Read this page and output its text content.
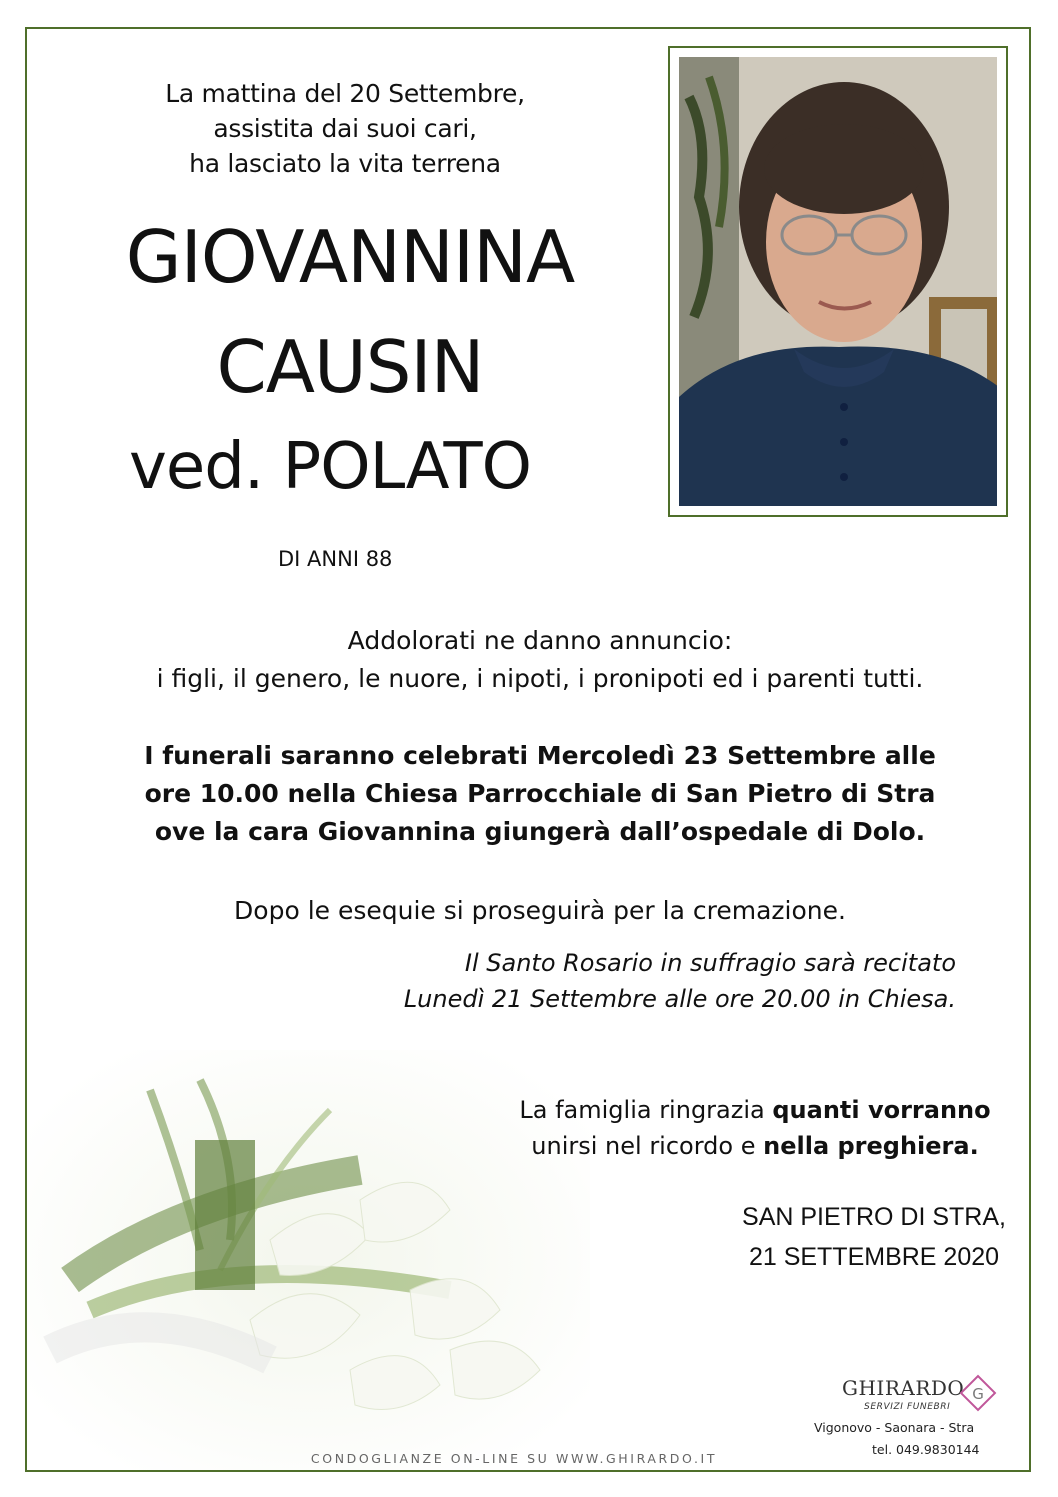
La mattina del 20 Settembre,
assistita dai suoi cari,
ha lasciato la vita terrena
GIOVANNINA
CAUSIN
ved. POLATO
DI ANNI 88
Addolorati ne danno annuncio:
i figli, il genero, le nuore, i nipoti, i pronipoti ed i parenti tutti.
I funerali saranno celebrati Mercoledì 23 Settembre alle
ore 10.00 nella Chiesa Parrocchiale di San Pietro di Stra
ove la cara Giovannina giungerà dall’ospedale di Dolo.
Dopo le esequie si proseguirà per la cremazione.
Il Santo Rosario in suffragio sarà recitato
Lunedì 21 Settembre alle ore 20.00 in Chiesa.
La famiglia ringrazia quanti vorranno
unirsi nel ricordo e nella preghiera.
SAN PIETRO DI STRA,
21 SETTEMBRE 2020
GHIRARDO
SERVIZI FUNEBRI
G
Vigonovo - Saonara - Stra
tel. 049.9830144
CONDOGLIANZE ON-LINE SU WWW.GHIRARDO.IT
